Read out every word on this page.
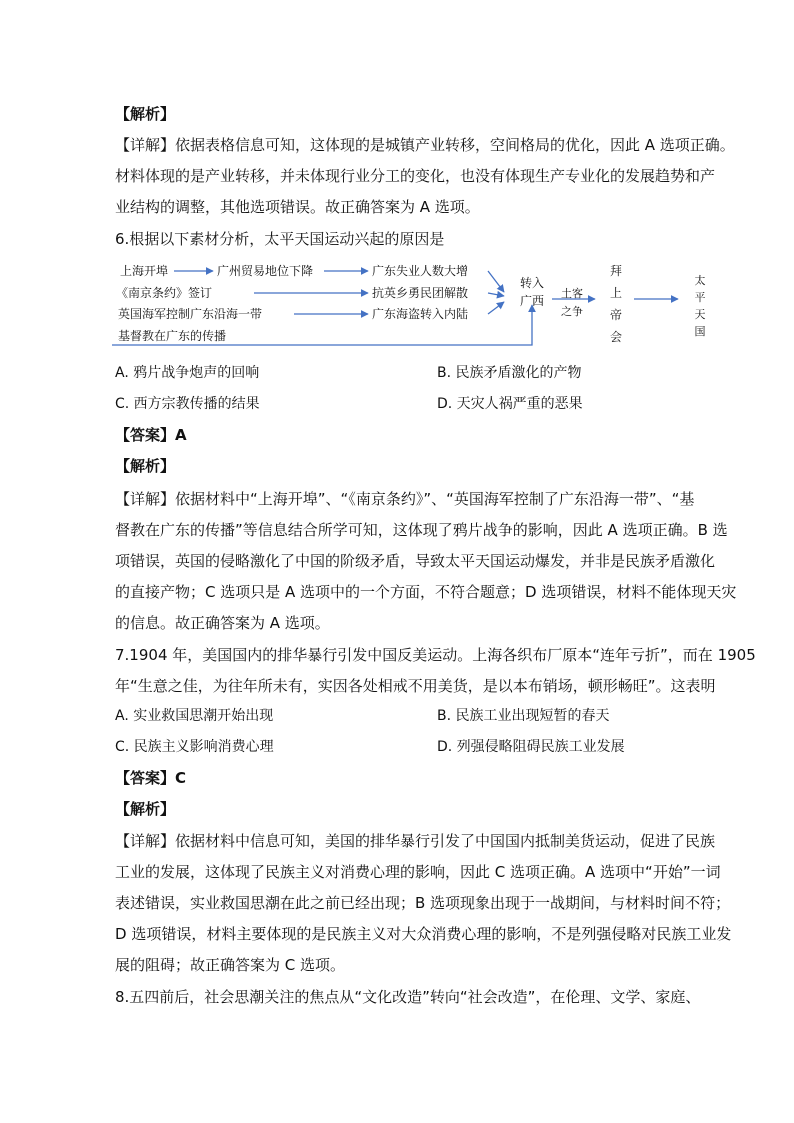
【解析】
【详解】依据表格信息可知，这体现的是城镇产业转移，空间格局的优化，因此 A 选项正确。
材料体现的是产业转移，并未体现行业分工的变化，也没有体现生产专业化的发展趋势和产
业结构的调整，其他选项错误。故正确答案为 A 选项。
6.根据以下素材分析，太平天国运动兴起的原因是
上海开埠
《南京条约》签订
英国海军控制广东沿海一带
基督教在广东的传播
广州贸易地位下降	广东失业人数大增
抗英乡勇民团解散
广东海盗转入内陆
转入
广西
土客
之争
拜
上
帝
会
太
平
天
国
A. 鸦片战争炮声的回响	B. 民族矛盾激化的产物
C. 西方宗教传播的结果	D. 天灾人祸严重的恶果
【答案】A
【解析】
【详解】依据材料中“上海开埠”、“《南京条约》”、“英国海军控制了广东沿海一带”、“基
督教在广东的传播”等信息结合所学可知，这体现了鸦片战争的影响，因此 A 选项正确。B 选
项错误，英国的侵略激化了中国的阶级矛盾，导致太平天国运动爆发，并非是民族矛盾激化
的直接产物；C 选项只是 A 选项中的一个方面，不符合题意；D 选项错误，材料不能体现天灾
的信息。故正确答案为 A 选项。
7.1904 年，美国国内的排华暴行引发中国反美运动。上海各织布厂原本“连年亏折”，而在 1905
年“生意之佳，为往年所未有，实因各处相戒不用美货，是以本布销场，顿形畅旺”。这表明
A. 实业救国思潮开始出现	B. 民族工业出现短暂的春天
C. 民族主义影响消费心理	D. 列强侵略阻碍民族工业发展
【答案】C
【解析】
【详解】依据材料中信息可知，美国的排华暴行引发了中国国内抵制美货运动，促进了民族
工业的发展，这体现了民族主义对消费心理的影响，因此 C 选项正确。A 选项中“开始”一词
表述错误，实业救国思潮在此之前已经出现；B 选项现象出现于一战期间，与材料时间不符；
D 选项错误，材料主要体现的是民族主义对大众消费心理的影响，不是列强侵略对民族工业发
展的阻碍；故正确答案为 C 选项。
8.五四前后，社会思潮关注的焦点从“文化改造”转向“社会改造”，在伦理、文学、家庭、
